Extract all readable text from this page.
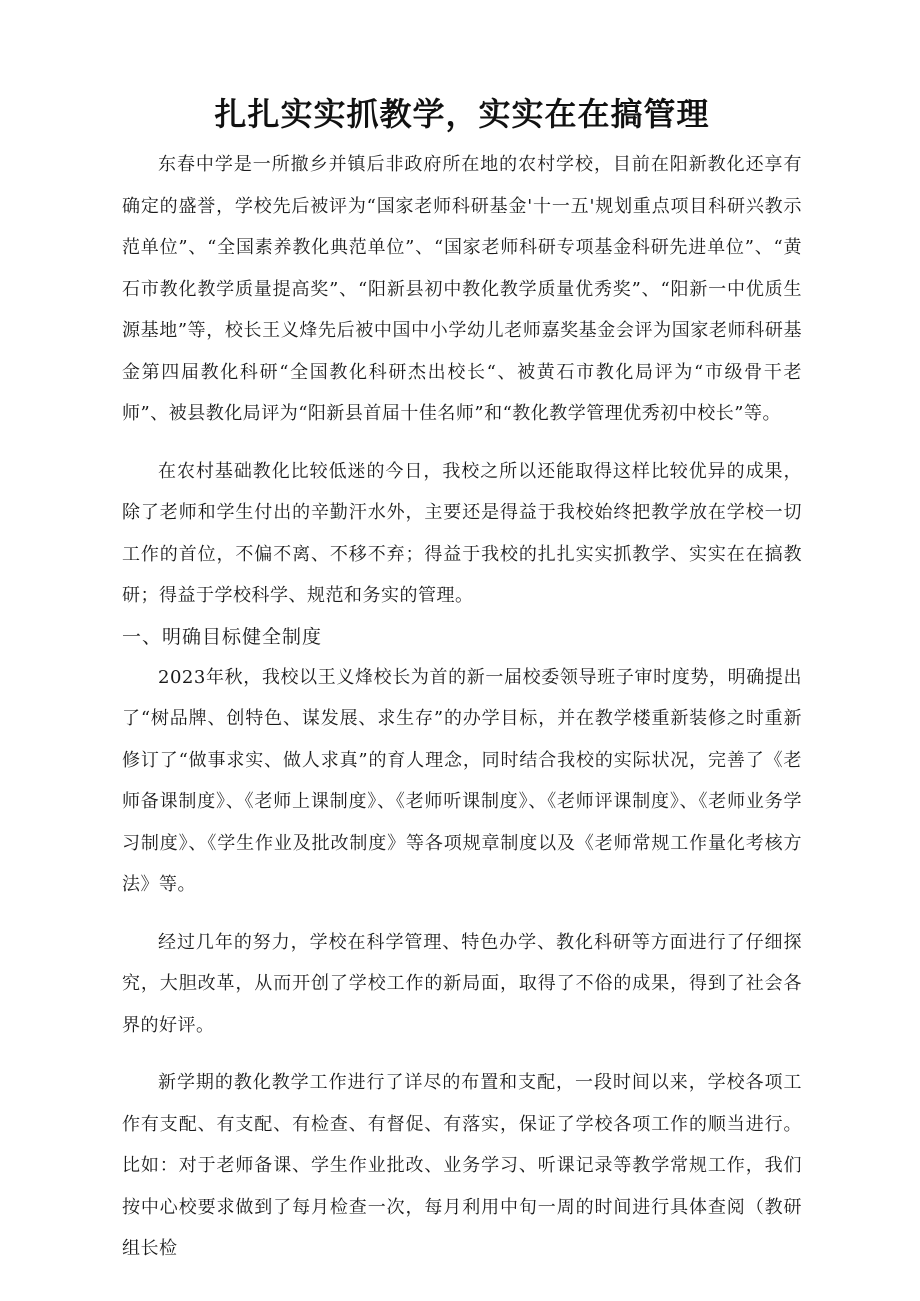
扎扎实实抓教学，实实在在搞管理

东春中学是一所撤乡并镇后非政府所在地的农村学校，目前在阳新教化还享有确定的盛誉，学校先后被评为“国家老师科研基金'十一五'规划重点项目科研兴教示范单位”、“全国素养教化典范单位”、“国家老师科研专项基金科研先进单位”、“黄石市教化教学质量提高奖”、“阳新县初中教化教学质量优秀奖”、“阳新一中优质生源基地”等，校长王义烽先后被中国中小学幼儿老师嘉奖基金会评为国家老师科研基金第四届教化科研“全国教化科研杰出校长“、被黄石市教化局评为“市级骨干老师”、被县教化局评为“阳新县首届十佳名师”和“教化教学管理优秀初中校长”等。

在农村基础教化比较低迷的今日，我校之所以还能取得这样比较优异的成果，除了老师和学生付出的辛勤汗水外，主要还是得益于我校始终把教学放在学校一切工作的首位，不偏不离、不移不弃；得益于我校的扎扎实实抓教学、实实在在搞教研；得益于学校科学、规范和务实的管理。

一、明确目标健全制度

2023年秋，我校以王义烽校长为首的新一届校委领导班子审时度势，明确提出了“树品牌、创特色、谋发展、求生存”的办学目标，并在教学楼重新装修之时重新修订了“做事求实、做人求真”的育人理念，同时结合我校的实际状况，完善了《老师备课制度》、《老师上课制度》、《老师听课制度》、《老师评课制度》、《老师业务学习制度》、《学生作业及批改制度》等各项规章制度以及《老师常规工作量化考核方法》等。

经过几年的努力，学校在科学管理、特色办学、教化科研等方面进行了仔细探究，大胆改革，从而开创了学校工作的新局面，取得了不俗的成果，得到了社会各界的好评。

新学期的教化教学工作进行了详尽的布置和支配，一段时间以来，学校各项工作有支配、有支配、有检查、有督促、有落实，保证了学校各项工作的顺当进行。比如：对于老师备课、学生作业批改、业务学习、听课记录等教学常规工作，我们按中心校要求做到了每月检查一次，每月利用中旬一周的时间进行具体查阅（教研组长检
